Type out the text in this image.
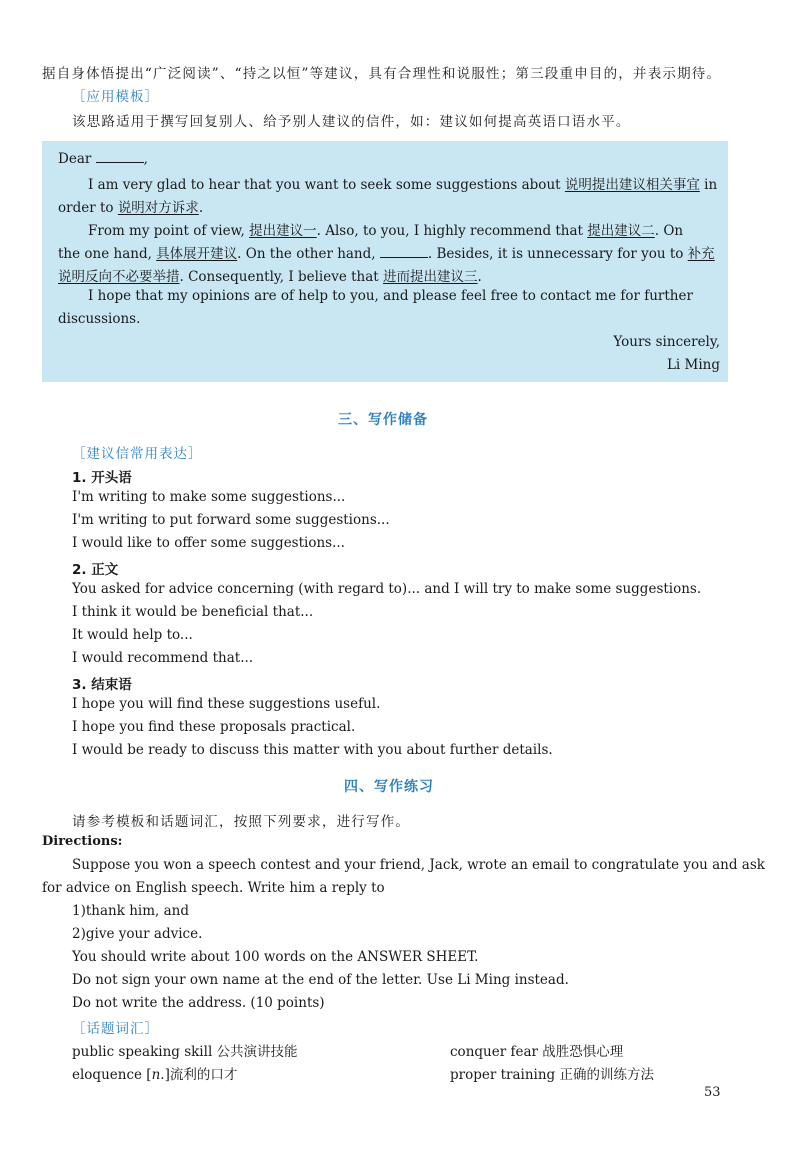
据自身体悟提出“广泛阅读”、“持之以恒”等建议，具有合理性和说服性；第三段重申目的，并表示期待。
［应用模板］
该思路适用于撰写回复别人、给予别人建议的信件，如：建议如何提高英语口语水平。
Dear	,
I am very glad to hear that you want to seek some suggestions about 说明提出建议相关事宜 in
order to 说明对方诉求.
From my point of view, 提出建议一. Also, to you, I highly recommend that 提出建议二. On
the one hand, 具体展开建议. On the other hand,	. Besides, it is unnecessary for you to 补充
说明反向不必要举措. Consequently, I believe that 进而提出建议三.
I hope that my opinions are of help to you, and please feel free to contact me for further
discussions.
Yours sincerely,
Li Ming
三、写作储备
［建议信常用表达］
1. 开头语
I'm writing to make some suggestions...
I'm writing to put forward some suggestions...
I would like to offer some suggestions...
2. 正文
You asked for advice concerning (with regard to)... and I will try to make some suggestions.
I think it would be beneficial that...
It would help to...
I would recommend that...
3. 结束语
I hope you will find these suggestions useful.
I hope you find these proposals practical.
I would be ready to discuss this matter with you about further details.
四、写作练习
请参考模板和话题词汇，按照下列要求，进行写作。
Directions:
Suppose you won a speech contest and your friend, Jack, wrote an email to congratulate you and ask
for advice on English speech. Write him a reply to
1)thank him, and
2)give your advice.
You should write about 100 words on the ANSWER SHEET.
Do not sign your own name at the end of the letter. Use Li Ming instead.
Do not write the address. (10 points)
［话题词汇］
public speaking skill 公共演讲技能	conquer fear 战胜恐惧心理
eloquence [n.]流利的口才	proper training 正确的训练方法
53
